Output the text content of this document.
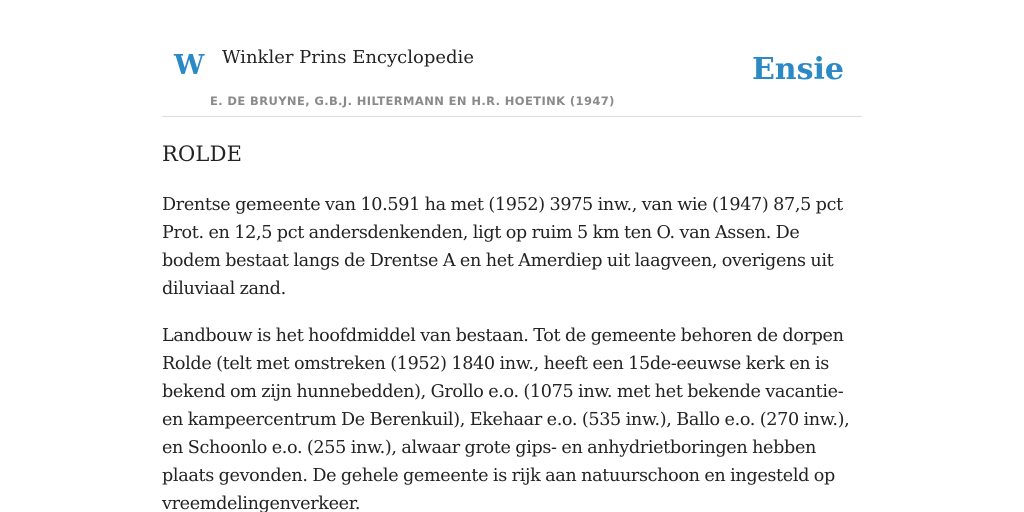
W Winkler Prins Encyclopedie
E. DE BRUYNE, G.B.J. HILTERMANN EN H.R. HOETINK (1947)
Ensie
ROLDE

Drentse gemeente van 10.591 ha met (1952) 3975 inw., van wie (1947) 87,5 pct Prot. en 12,5 pct andersdenkenden, ligt op ruim 5 km ten O. van Assen. De bodem bestaat langs de Drentse A en het Amerdiep uit laagveen, overigens uit diluviaal zand.

Landbouw is het hoofdmiddel van bestaan. Tot de gemeente behoren de dorpen Rolde (telt met omstreken (1952) 1840 inw., heeft een 15de-eeuwse kerk en is bekend om zijn hunnebedden), Grollo e.o. (1075 inw. met het bekende vacantie- en kampeercentrum De Berenkuil), Ekehaar e.o. (535 inw.), Ballo e.o. (270 inw.), en Schoonlo e.o. (255 inw.), alwaar grote gips- en anhydrietboringen hebben plaats gevonden. De gehele gemeente is rijk aan natuurschoon en ingesteld op vreemdelingenverkeer.
